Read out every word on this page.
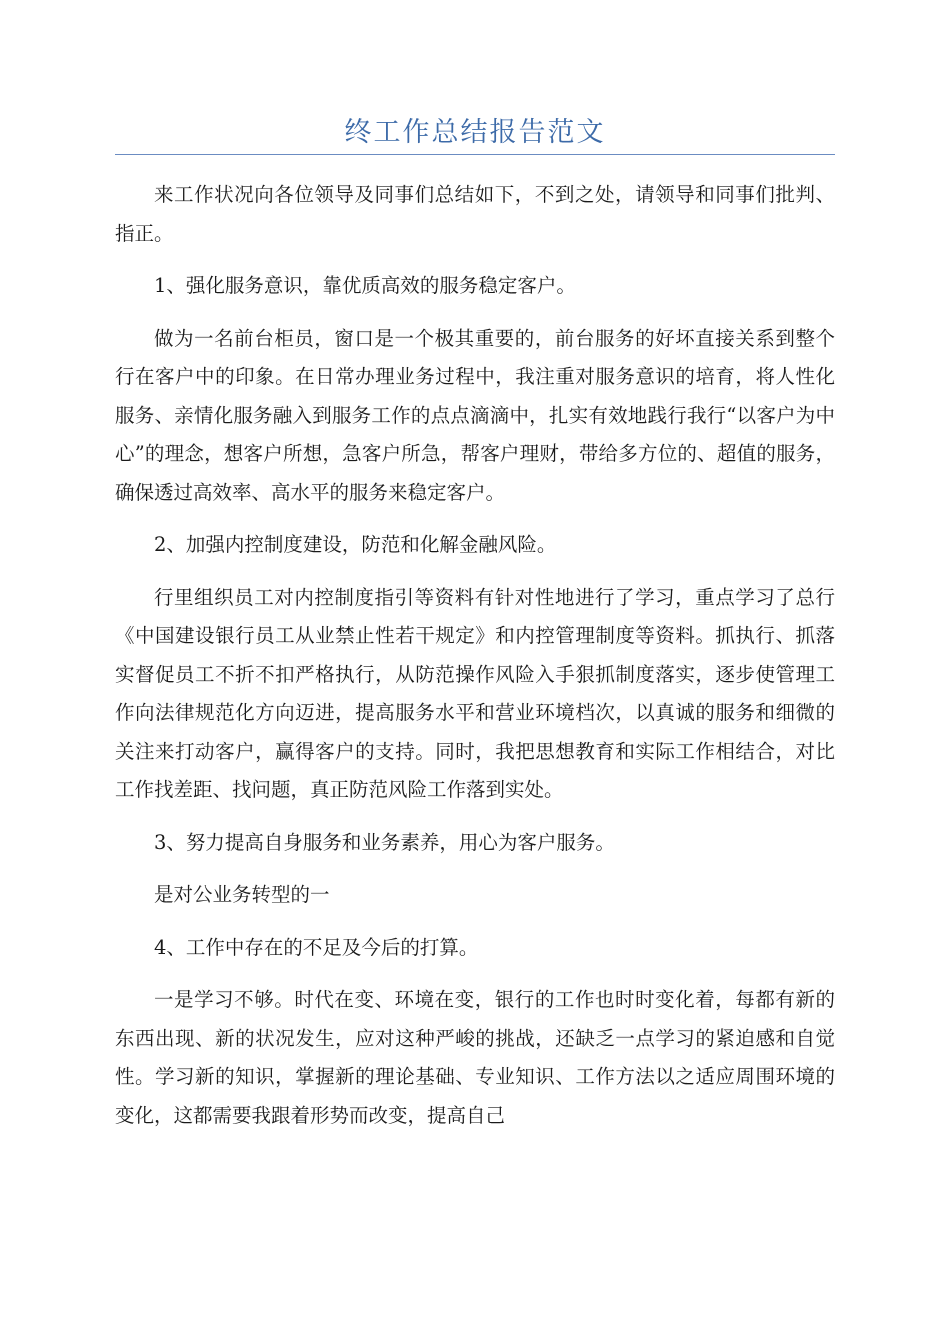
终工作总结报告范文

来工作状况向各位领导及同事们总结如下，不到之处，请领导和同事们批判、指正。

1、强化服务意识，靠优质高效的服务稳定客户。

做为一名前台柜员，窗口是一个极其重要的，前台服务的好坏直接关系到整个行在客户中的印象。在日常办理业务过程中，我注重对服务意识的培育，将人性化服务、亲情化服务融入到服务工作的点点滴滴中，扎实有效地践行我行“以客户为中心”的理念，想客户所想，急客户所急，帮客户理财，带给多方位的、超值的服务，确保透过高效率、高水平的服务来稳定客户。

2、加强内控制度建设，防范和化解金融风险。

行里组织员工对内控制度指引等资料有针对性地进行了学习，重点学习了总行《中国建设银行员工从业禁止性若干规定》和内控管理制度等资料。抓执行、抓落实督促员工不折不扣严格执行，从防范操作风险入手狠抓制度落实，逐步使管理工作向法律规范化方向迈进，提高服务水平和营业环境档次，以真诚的服务和细微的关注来打动客户，赢得客户的支持。同时，我把思想教育和实际工作相结合，对比工作找差距、找问题，真正防范风险工作落到实处。

3、努力提高自身服务和业务素养，用心为客户服务。

是对公业务转型的一

4、工作中存在的不足及今后的打算。

一是学习不够。时代在变、环境在变，银行的工作也时时变化着，每都有新的东西出现、新的状况发生，应对这种严峻的挑战，还缺乏一点学习的紧迫感和自觉性。学习新的知识，掌握新的理论基础、专业知识、工作方法以之适应周围环境的变化，这都需要我跟着形势而改变，提高自己
